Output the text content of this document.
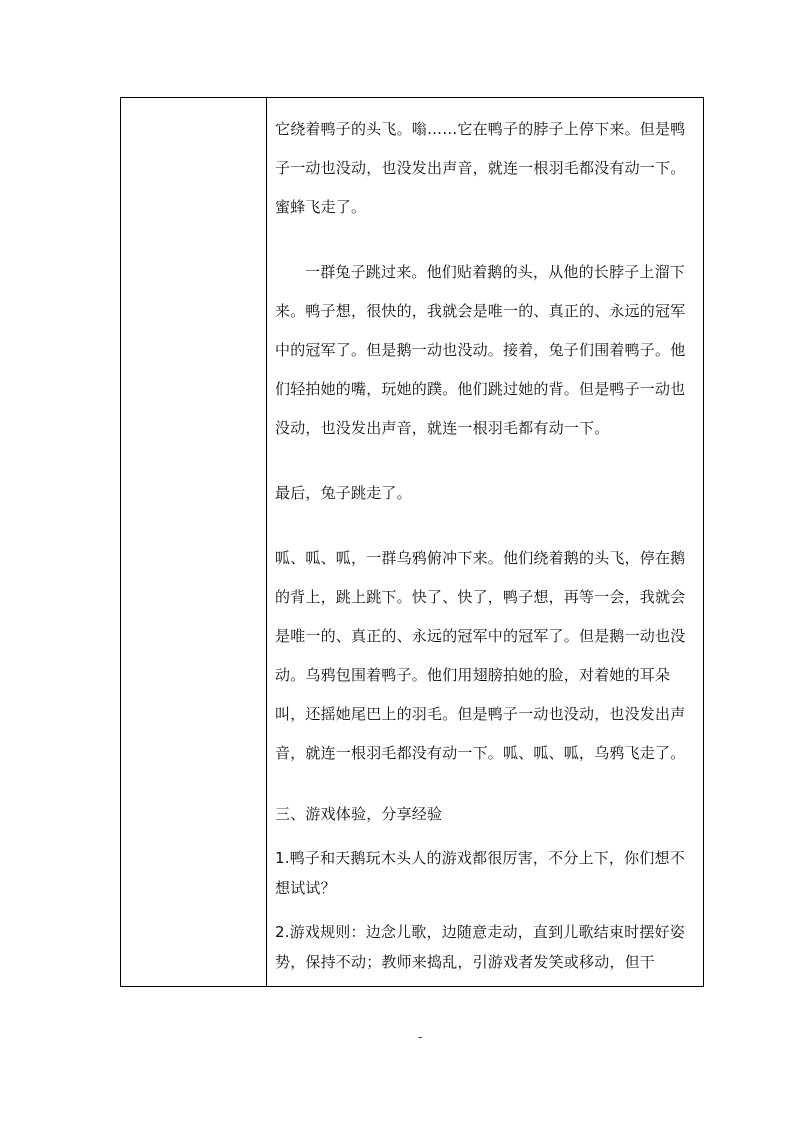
它绕着鸭子的头飞。嗡……它在鸭子的脖子上停下来。但是鸭子一动也没动，也没发出声音，就连一根羽毛都没有动一下。蜜蜂飞走了。

一群兔子跳过来。他们贴着鹅的头，从他的长脖子上溜下来。鸭子想，很快的，我就会是唯一的、真正的、永远的冠军中的冠军了。但是鹅一动也没动。接着，兔子们围着鸭子。他们轻拍她的嘴，玩她的蹼。他们跳过她的背。但是鸭子一动也没动，也没发出声音，就连一根羽毛都有动一下。

最后，兔子跳走了。

呱、呱、呱，一群乌鸦俯冲下来。他们绕着鹅的头飞，停在鹅的背上，跳上跳下。快了、快了，鸭子想，再等一会，我就会是唯一的、真正的、永远的冠军中的冠军了。但是鹅一动也没动。乌鸦包围着鸭子。他们用翅膀拍她的脸，对着她的耳朵叫，还摇她尾巴上的羽毛。但是鸭子一动也没动，也没发出声音，就连一根羽毛都没有动一下。呱、呱、呱，乌鸦飞走了。

三、游戏体验，分享经验

1.鸭子和天鹅玩木头人的游戏都很厉害，不分上下，你们想不想试试？

2.游戏规则：边念儿歌，边随意走动，直到儿歌结束时摆好姿势，保持不动；教师来捣乱，引游戏者发笑或移动，但干

-
